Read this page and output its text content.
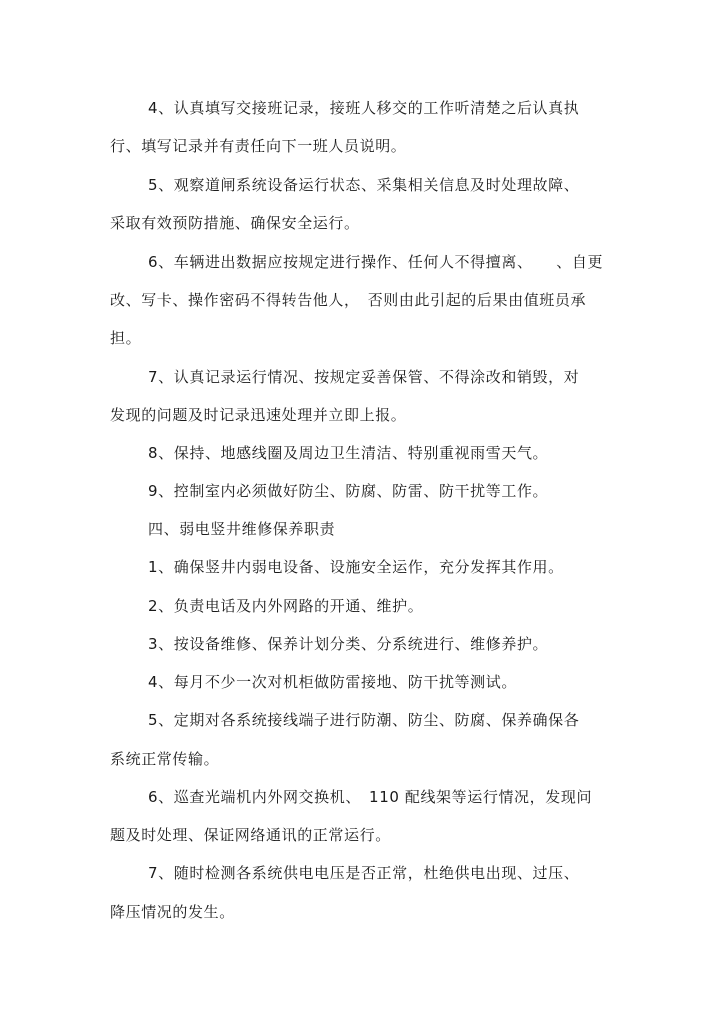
4、认真填写交接班记录，接班人移交的工作听清楚之后认真执
行、填写记录并有责任向下一班人员说明。
5、观察道闸系统设备运行状态、采集相关信息及时处理故障、
采取有效预防措施、确保安全运行。
6、车辆进出数据应按规定进行操作、任何人不得擅离、　　、自更
改、写卡、操作密码不得转告他人，　否则由此引起的后果由值班员承
担。
7、认真记录运行情况、按规定妥善保管、不得涂改和销毁，对
发现的问题及时记录迅速处理并立即上报。
8、保持、地感线圈及周边卫生清洁、特别重视雨雪天气。
9、控制室内必须做好防尘、防腐、防雷、防干扰等工作。
四、弱电竖井维修保养职责
1、确保竖井内弱电设备、设施安全运作，充分发挥其作用。
2、负责电话及内外网路的开通、维护。
3、按设备维修、保养计划分类、分系统进行、维修养护。
4、每月不少一次对机柜做防雷接地、防干扰等测试。
5、定期对各系统接线端子进行防潮、防尘、防腐、保养确保各
系统正常传输。
6、巡查光端机内外网交换机、　110 配线架等运行情况，发现问
题及时处理、保证网络通讯的正常运行。
7、随时检测各系统供电电压是否正常，杜绝供电出现、过压、
降压情况的发生。
